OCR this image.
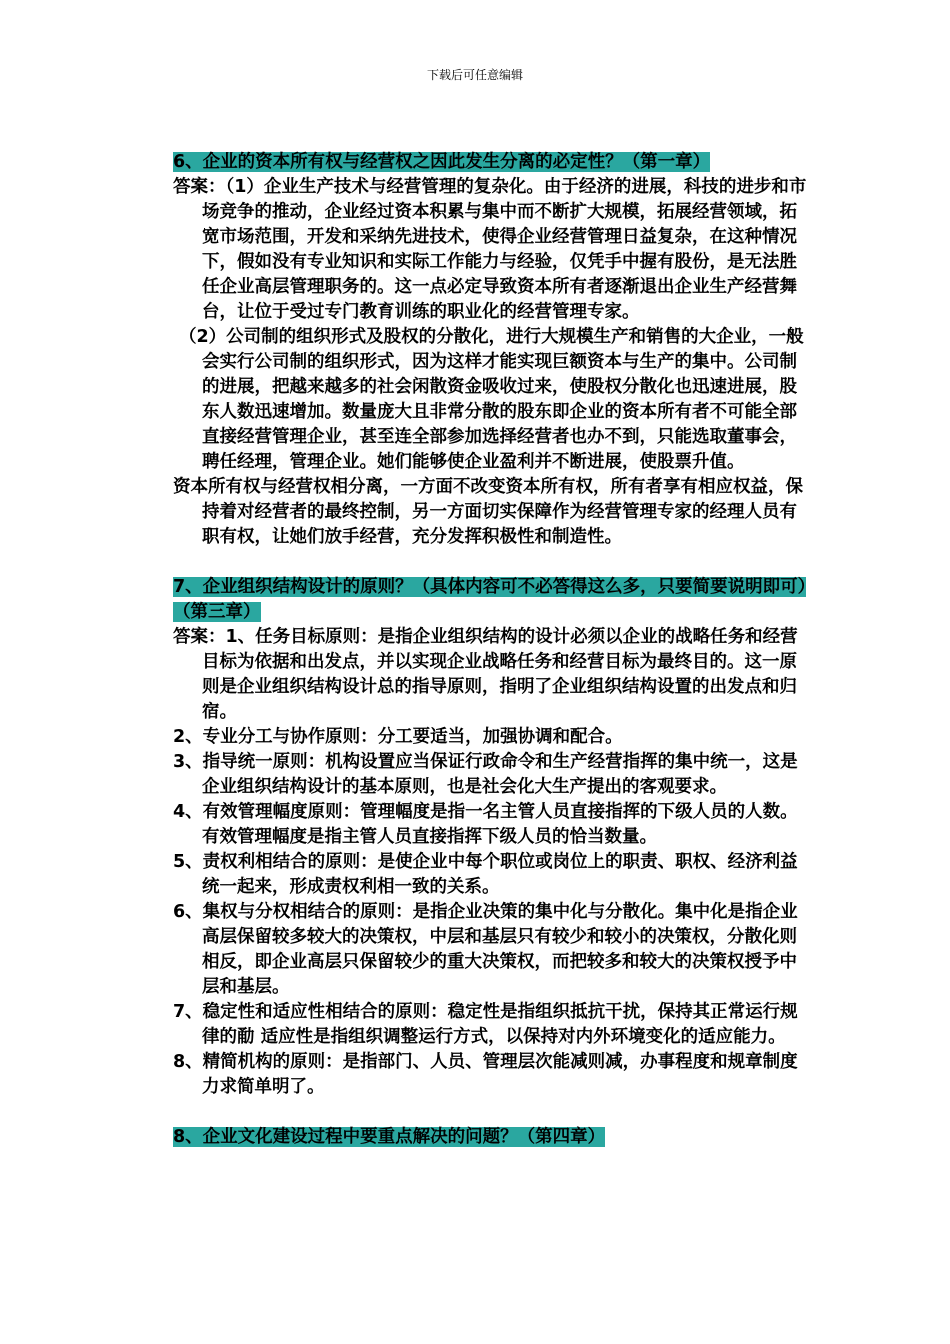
下载后可任意编辑

6、企业的资本所有权与经营权之因此发生分离的必定性？（第一章）

答案：（1）企业生产技术与经营管理的复杂化。由于经济的进展，科技的进步和市场竞争的推动，企业经过资本积累与集中而不断扩大规模，拓展经营领域，拓宽市场范围，开发和采纳先进技术，使得企业经营管理日益复杂，在这种情况下，假如没有专业知识和实际工作能力与经验，仅凭手中握有股份，是无法胜任企业高层管理职务的。这一点必定导致资本所有者逐渐退出企业生产经营舞台，让位于受过专门教育训练的职业化的经营管理专家。

（2）公司制的组织形式及股权的分散化，进行大规模生产和销售的大企业，一般会实行公司制的组织形式，因为这样才能实现巨额资本与生产的集中。公司制的进展，把越来越多的社会闲散资金吸收过来，使股权分散化也迅速进展，股东人数迅速增加。数量庞大且非常分散的股东即企业的资本所有者不可能全部直接经营管理企业，甚至连全部参加选择经营者也办不到，只能选取董事会，聘任经理，管理企业。她们能够使企业盈利并不断进展，使股票升值。

资本所有权与经营权相分离，一方面不改变资本所有权，所有者享有相应权益，保持着对经营者的最终控制，另一方面切实保障作为经营管理专家的经理人员有职有权，让她们放手经营，充分发挥积极性和制造性。

7、企业组织结构设计的原则？（具体内容可不必答得这么多，只要简要说明即可）（第三章）

答案：1、任务目标原则：是指企业组织结构的设计必须以企业的战略任务和经营目标为依据和出发点，并以实现企业战略任务和经营目标为最终目的。这一原则是企业组织结构设计总的指导原则，指明了企业组织结构设置的出发点和归宿。

2、专业分工与协作原则：分工要适当，加强协调和配合。

3、指导统一原则：机构设置应当保证行政命令和生产经营指挥的集中统一，这是企业组织结构设计的基本原则，也是社会化大生产提出的客观要求。

4、有效管理幅度原则：管理幅度是指一名主管人员直接指挥的下级人员的人数。有效管理幅度是指主管人员直接指挥下级人员的恰当数量。

5、责权利相结合的原则：是使企业中每个职位或岗位上的职责、职权、经济利益统一起来，形成责权利相一致的关系。

6、集权与分权相结合的原则：是指企业决策的集中化与分散化。集中化是指企业高层保留较多较大的决策权，中层和基层只有较少和较小的决策权，分散化则相反，即企业高层只保留较少的重大决策权，而把较多和较大的决策权授予中层和基层。

7、稳定性和适应性相结合的原则：稳定性是指组织抵抗干扰，保持其正常运行规律的勈 适应性是指组织调整运行方式，以保持对内外环境变化的适应能力。

8、精简机构的原则：是指部门、人员、管理层次能减则减，办事程度和规章制度力求简单明了。

8、企业文化建设过程中要重点解决的问题？（第四章）
